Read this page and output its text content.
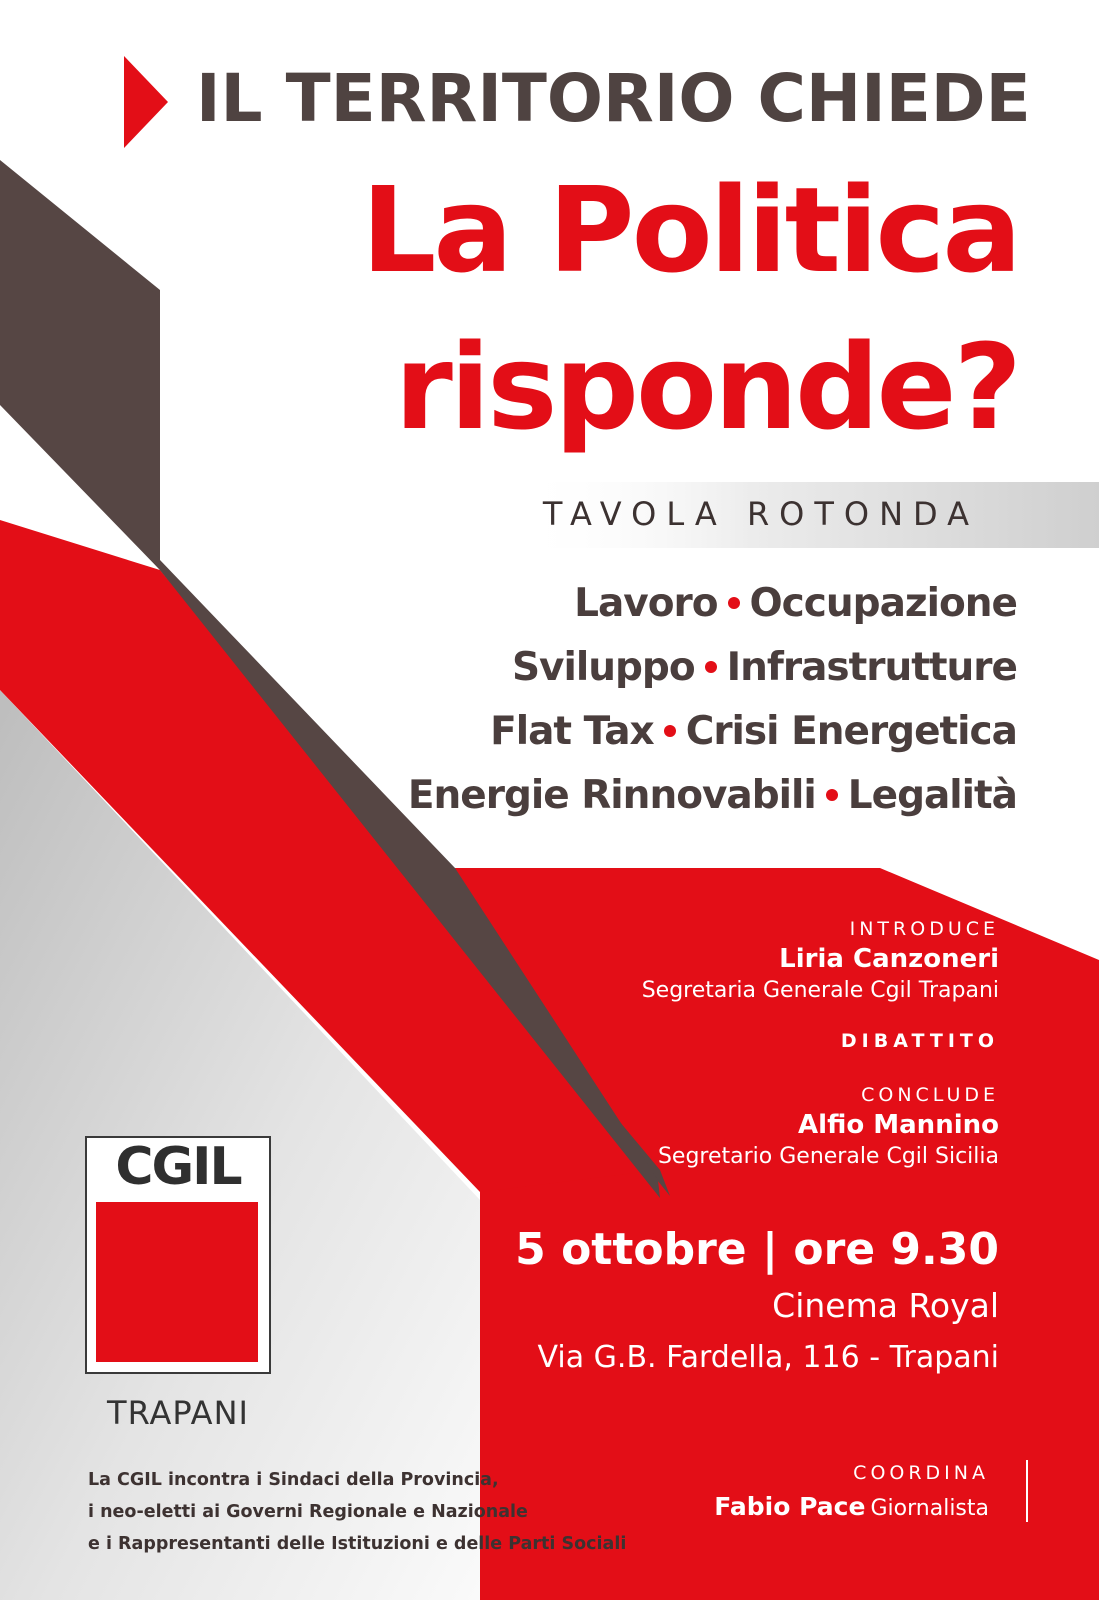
IL TERRITORIO CHIEDE
La Politica
risponde?
TAVOLA ROTONDA
Lavoro Occupazione
Sviluppo Infrastrutture
Flat Tax Crisi Energetica
Energie Rinnovabili Legalità
INTRODUCE
Liria Canzoneri
Segretaria Generale Cgil Trapani
DIBATTITO
CONCLUDE
Alfio Mannino
Segretario Generale Cgil Sicilia
5 ottobre | ore 9.30
Cinema Royal
Via G.B. Fardella, 116 - Trapani
COORDINA
Fabio Pace Giornalista
CGIL
TRAPANI
La CGIL incontra i Sindaci della Provincia,
i neo-eletti ai Governi Regionale e Nazionale
e i Rappresentanti delle Istituzioni e delle Parti Sociali
